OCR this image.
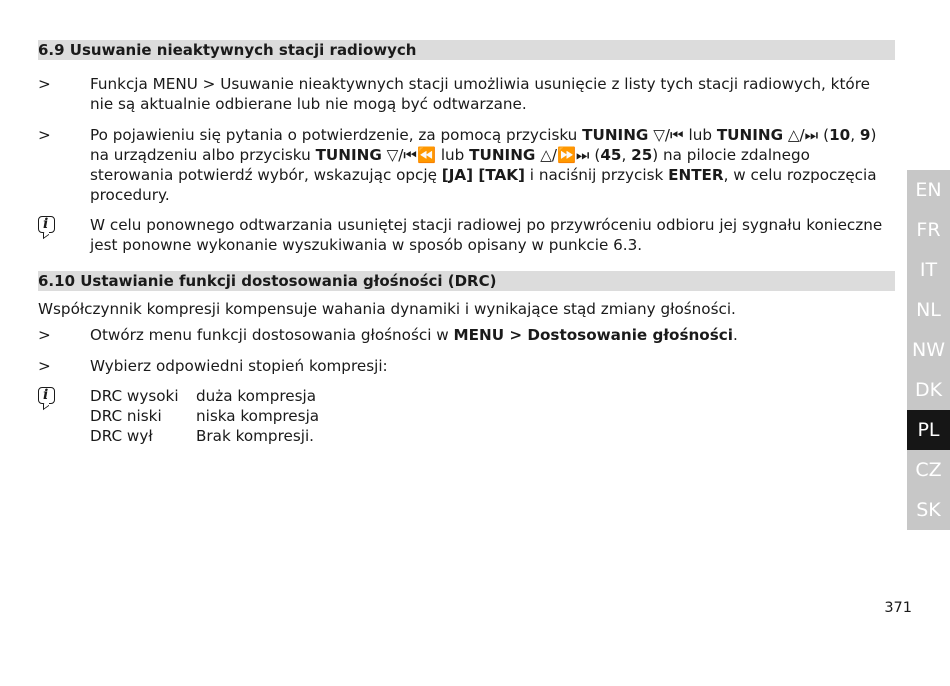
6.9 Usuwanie nieaktywnych stacji radiowych
>	Funkcja MENU > Usuwanie nieaktywnych stacji umożliwia usunięcie z listy tych stacji radiowych, które nie są aktualnie odbierane lub nie mogą być odtwarzane.
>	Po pojawieniu się pytania o potwierdzenie, za pomocą przycisku TUNING ▽/⏮ lub TUNING △/⏭ (10, 9) na urządzeniu albo przycisku TUNING ▽/⏮⏪ lub TUNING △/⏩⏭ (45, 25) na pilocie zdalnego sterowania potwierdź wybór, wskazując opcję [JA] [TAK] i naciśnij przycisk ENTER, w celu rozpoczęcia procedury.
i
W celu ponownego odtwarzania usuniętej stacji radiowej po przywróceniu odbioru jej sygnału konieczne jest ponowne wykonanie wyszukiwania w sposób opisany w punkcie 6.3.
6.10 Ustawianie funkcji dostosowania głośności (DRC)
Współczynnik kompresji kompensuje wahania dynamiki i wynikające stąd zmiany głośności.
>	Otwórz menu funkcji dostosowania głośności w MENU > Dostosowanie głośności.
>	Wybierz odpowiedni stopień kompresji:
i
DRC wysoki	duża kompresja
DRC niski	niska kompresja
DRC wył	Brak kompresji.
EN
FR
IT
NL
NW
DK
PL
CZ
SK
371
